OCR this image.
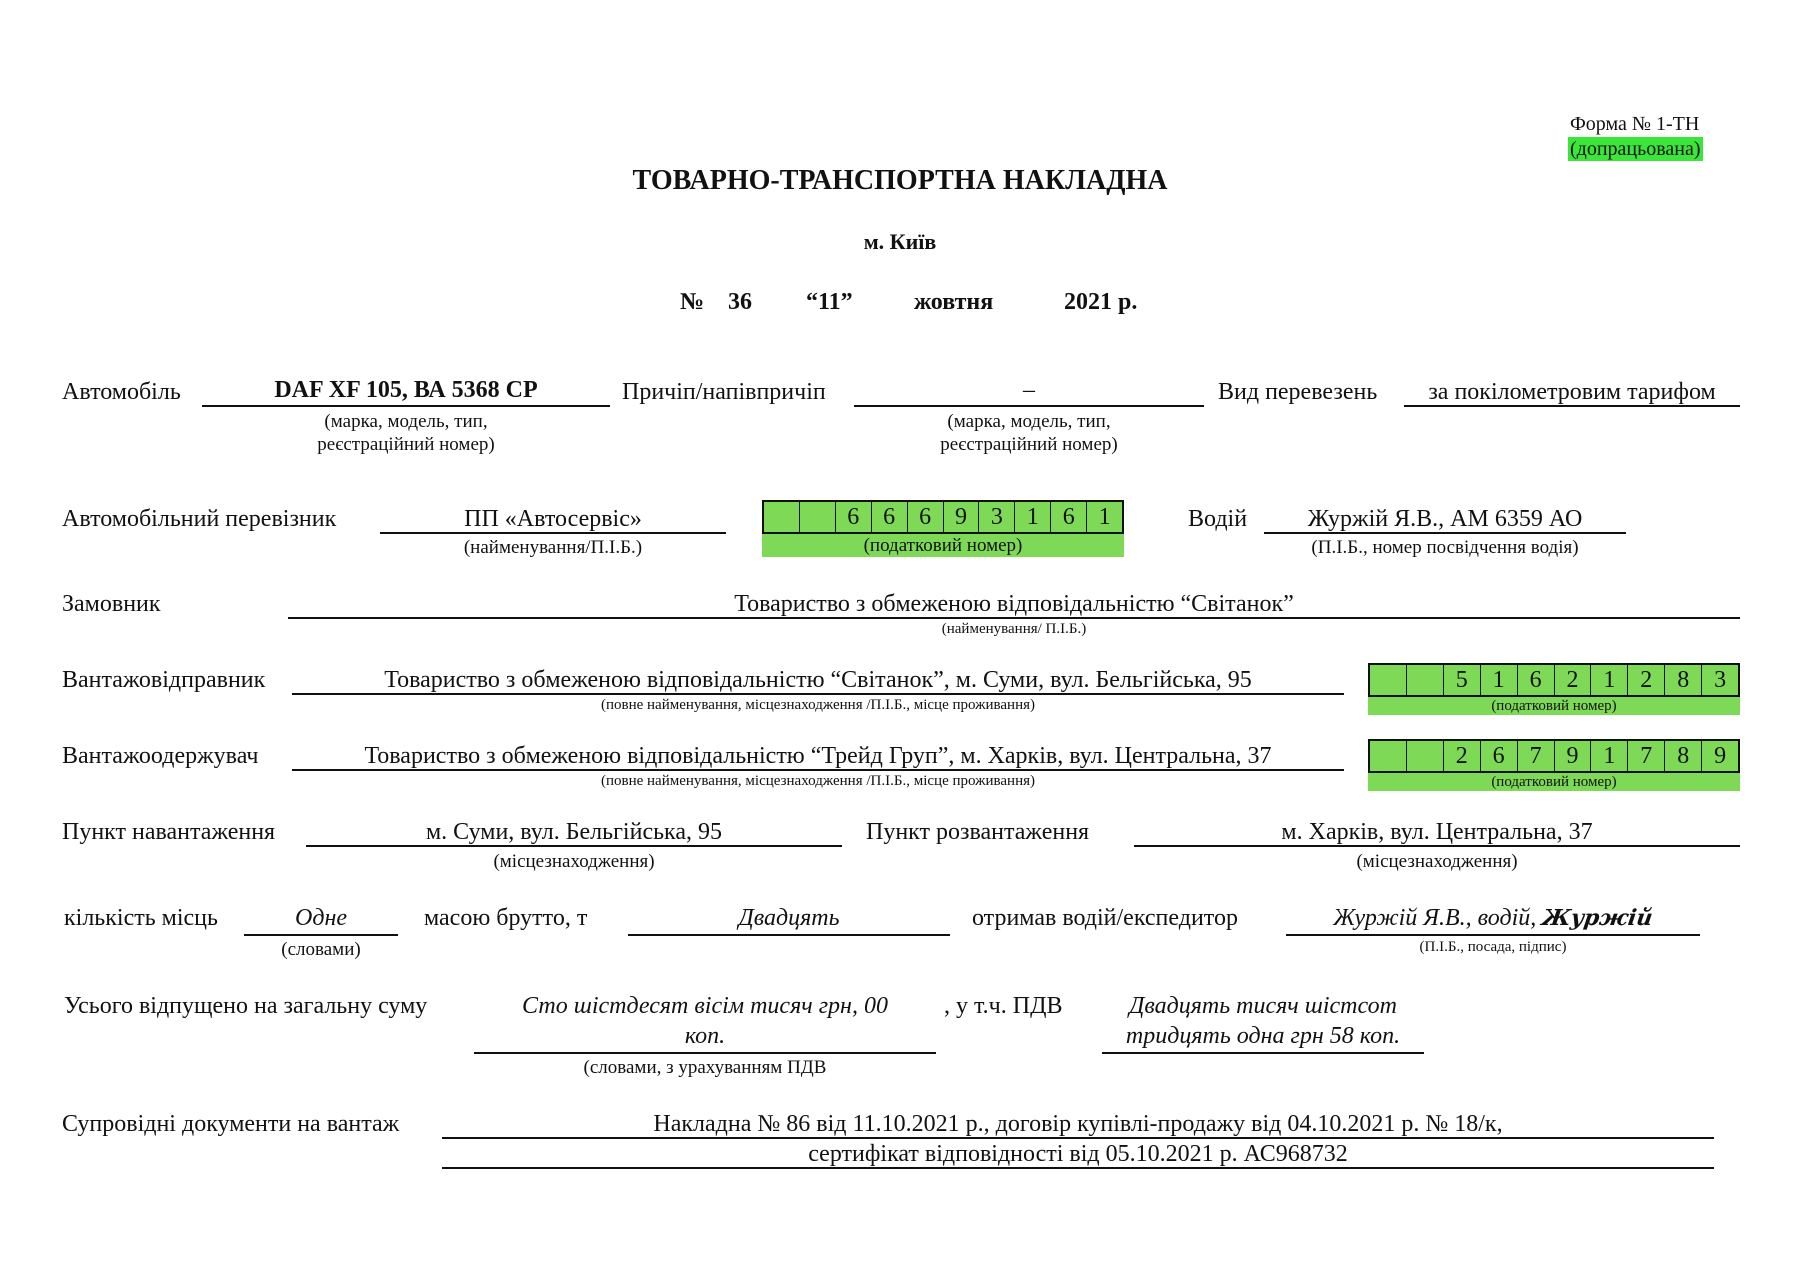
Форма № 1-ТН
(допрацьована)
ТОВАРНО-ТРАНСПОРТНА НАКЛАДНА
м. Київ
№ 36 “11”	жовтня	2021 р.
Автомобіль	DAF XF 105, ВА 5368 СР
(марка, модель, тип,
реєстраційний номер)
Причіп/напівпричіп	–
(марка, модель, тип,
реєстраційний номер)
Вид перевезень	за покілометровим тарифом
Автомобільний перевізник	ПП «Автосервіс»
(найменування/П.І.Б.)
6 6 6 9 3 1 6 1
(податковий номер)
Водій	Журжій Я.В., АМ 6359 АО
(П.І.Б., номер посвідчення водія)
Замовник	Товариство з обмеженою відповідальністю “Світанок”
(найменування/ П.І.Б.)
Вантажовідправник	Товариство з обмеженою відповідальністю “Світанок”, м. Суми, вул. Бельгійська, 95
(повне найменування, місцезнаходження /П.І.Б., місце проживання)
5	1	6	2	1	2	8	3
(податковий номер)
Вантажоодержувач	Товариство з обмеженою відповідальністю “Трейд Груп”, м. Харків, вул. Центральна, 37
(повне найменування, місцезнаходження /П.І.Б., місце проживання)
2	6	7	9	1	7	8	9
(податковий номер)
Пункт навантаження	м. Суми, вул. Бельгійська, 95
(місцезнаходження)
Пункт розвантаження	м. Харків, вул. Центральна, 37
(місцезнаходження)
кількість місць	Одне
(словами)
масою брутто, т	Двадцять	отримав водій/експедитор	Журжій Я.В., водій, Журжій
(П.І.Б., посада, підпис)
Усього відпущено на загальну суму	Сто шістдесят вісім тисяч грн, 00
коп.
(словами, з урахуванням ПДВ
, у т.ч. ПДВ	Двадцять тисяч шістсот
тридцять одна грн 58 коп.
Супровідні документи на вантаж	Накладна № 86 від 11.10.2021 р., договір купівлі-продажу від 04.10.2021 р. № 18/к,
сертифікат відповідності від 05.10.2021 р. АС968732
